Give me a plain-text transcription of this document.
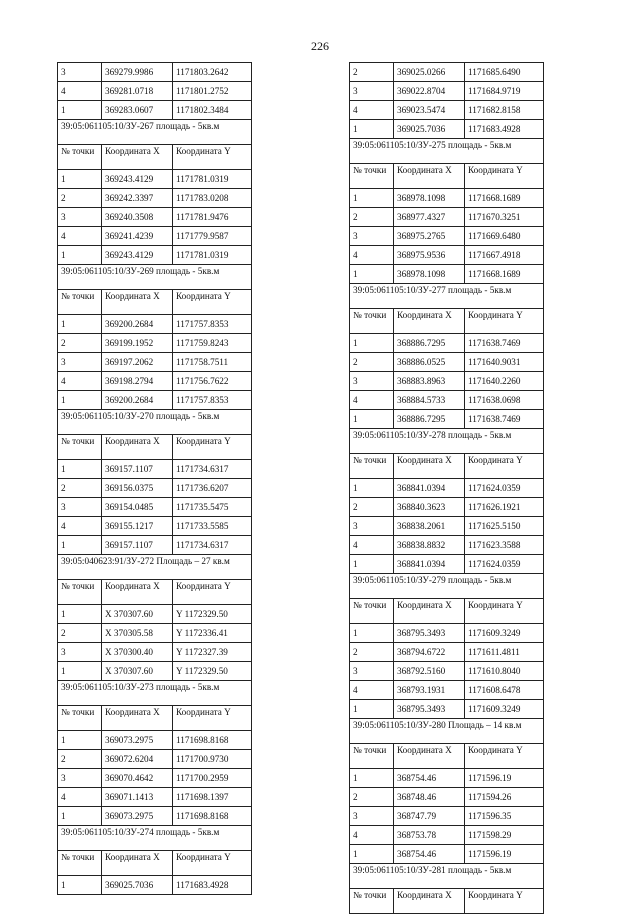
226
3	369279.9986	1171803.2642
4	369281.0718	1171801.2752
1	369283.0607	1171802.3484
39:05:061105:10/ЗУ-267 площадь - 5кв.м		
№ точки	Координата X	Координата Y
1	369243.4129	1171781.0319
2	369242.3397	1171783.0208
3	369240.3508	1171781.9476
4	369241.4239	1171779.9587
1	369243.4129	1171781.0319
39:05:061105:10/ЗУ-269 площадь - 5кв.м		
№ точки	Координата X	Координата Y
1	369200.2684	1171757.8353
2	369199.1952	1171759.8243
3	369197.2062	1171758.7511
4	369198.2794	1171756.7622
1	369200.2684	1171757.8353
39:05:061105:10/ЗУ-270 площадь - 5кв.м		
№ точки	Координата X	Координата Y
1	369157.1107	1171734.6317
2	369156.0375	1171736.6207
3	369154.0485	1171735.5475
4	369155.1217	1171733.5585
1	369157.1107	1171734.6317
39:05:040623:91/ЗУ-272 Площадь – 27 кв.м		
№ точки	Координата X	Координата Y
1	X 370307.60	Y 1172329.50
2	X 370305.58	Y 1172336.41
3	X 370300.40	Y 1172327.39
1	X 370307.60	Y 1172329.50
39:05:061105:10/ЗУ-273 площадь - 5кв.м		
№ точки	Координата X	Координата Y
1	369073.2975	1171698.8168
2	369072.6204	1171700.9730
3	369070.4642	1171700.2959
4	369071.1413	1171698.1397
1	369073.2975	1171698.8168
39:05:061105:10/ЗУ-274 площадь - 5кв.м		
№ точки	Координата X	Координата Y
1	369025.7036	1171683.4928
2	369025.0266	1171685.6490
3	369022.8704	1171684.9719
4	369023.5474	1171682.8158
1	369025.7036	1171683.4928
39:05:061105:10/ЗУ-275 площадь - 5кв.м		
№ точки	Координата X	Координата Y
1	368978.1098	1171668.1689
2	368977.4327	1171670.3251
3	368975.2765	1171669.6480
4	368975.9536	1171667.4918
1	368978.1098	1171668.1689
39:05:061105:10/ЗУ-277 площадь - 5кв.м		
№ точки	Координата X	Координата Y
1	368886.7295	1171638.7469
2	368886.0525	1171640.9031
3	368883.8963	1171640.2260
4	368884.5733	1171638.0698
1	368886.7295	1171638.7469
39:05:061105:10/ЗУ-278 площадь - 5кв.м		
№ точки	Координата X	Координата Y
1	368841.0394	1171624.0359
2	368840.3623	1171626.1921
3	368838.2061	1171625.5150
4	368838.8832	1171623.3588
1	368841.0394	1171624.0359
39:05:061105:10/ЗУ-279 площадь - 5кв.м		
№ точки	Координата X	Координата Y
1	368795.3493	1171609.3249
2	368794.6722	1171611.4811
3	368792.5160	1171610.8040
4	368793.1931	1171608.6478
1	368795.3493	1171609.3249
39:05:061105:10/ЗУ-280 Площадь – 14 кв.м		
№ точки	Координата X	Координата Y
1	368754.46	1171596.19
2	368748.46	1171594.26
3	368747.79	1171596.35
4	368753.78	1171598.29
1	368754.46	1171596.19
39:05:061105:10/ЗУ-281 площадь - 5кв.м		
№ точки	Координата X	Координата Y
